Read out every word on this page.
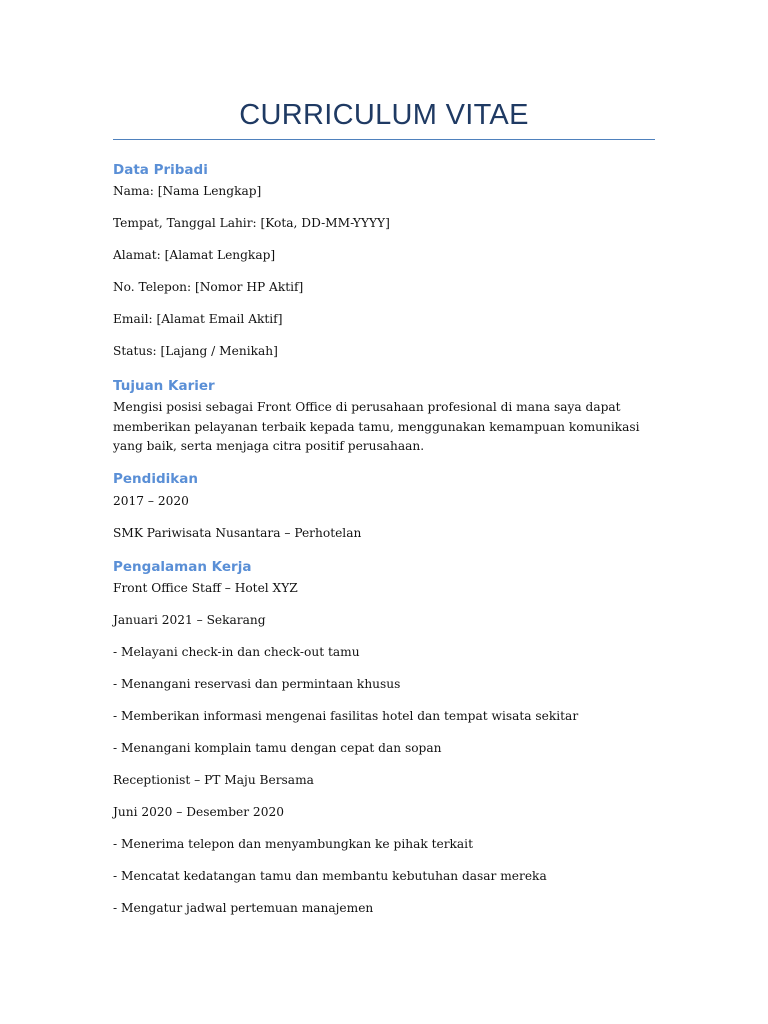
CURRICULUM VITAE
Data Pribadi

Nama: [Nama Lengkap]

Tempat, Tanggal Lahir: [Kota, DD-MM-YYYY]

Alamat: [Alamat Lengkap]

No. Telepon: [Nomor HP Aktif]

Email: [Alamat Email Aktif]

Status: [Lajang / Menikah]

Tujuan Karier

Mengisi posisi sebagai Front Office di perusahaan profesional di mana saya dapat memberikan pelayanan terbaik kepada tamu, menggunakan kemampuan komunikasi yang baik, serta menjaga citra positif perusahaan.

Pendidikan

2017 – 2020

SMK Pariwisata Nusantara – Perhotelan

Pengalaman Kerja

Front Office Staff – Hotel XYZ

Januari 2021 – Sekarang

- Melayani check-in dan check-out tamu

- Menangani reservasi dan permintaan khusus

- Memberikan informasi mengenai fasilitas hotel dan tempat wisata sekitar

- Menangani komplain tamu dengan cepat dan sopan

Receptionist – PT Maju Bersama

Juni 2020 – Desember 2020

- Menerima telepon dan menyambungkan ke pihak terkait

- Mencatat kedatangan tamu dan membantu kebutuhan dasar mereka

- Mengatur jadwal pertemuan manajemen
